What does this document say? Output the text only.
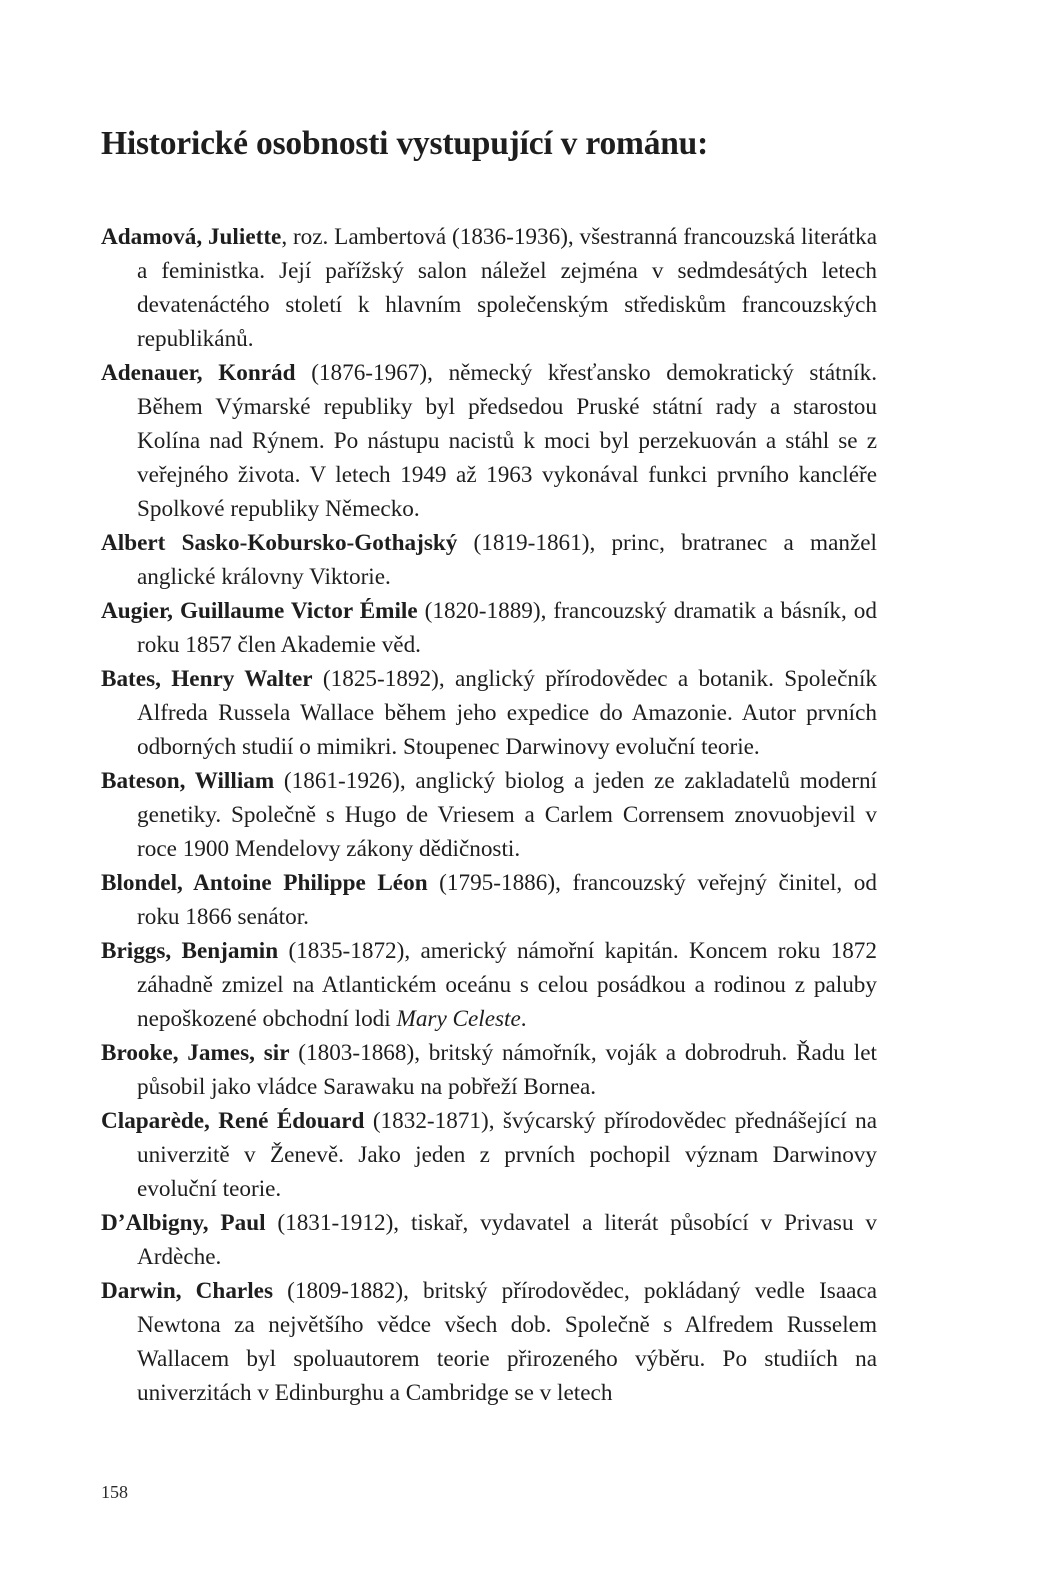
Historické osobnosti vystupující v románu:

Adamová, Juliette, roz. Lambertová (1836-1936), všestranná francouzská literátka a feministka. Její pařížský salon náležel zejména v sedmdesátých letech devatenáctého století k hlavním společenským střediskům francouzských republikánů.

Adenauer, Konrád (1876-1967), německý křesťansko demokratický státník. Během Výmarské republiky byl předsedou Pruské státní rady a starostou Kolína nad Rýnem. Po nástupu nacistů k moci byl perzekuován a stáhl se z veřejného života. V letech 1949 až 1963 vykonával funkci prvního kancléře Spolkové republiky Německo.

Albert Sasko-Kobursko-Gothajský (1819-1861), princ, bratranec a manžel anglické královny Viktorie.

Augier, Guillaume Victor Émile (1820-1889), francouzský dramatik a básník, od roku 1857 člen Akademie věd.

Bates, Henry Walter (1825-1892), anglický přírodovědec a botanik. Společník Alfreda Russela Wallace během jeho expedice do Amazonie. Autor prvních odborných studií o mimikri. Stoupenec Darwinovy evoluční teorie.

Bateson, William (1861-1926), anglický biolog a jeden ze zakladatelů moderní genetiky. Společně s Hugo de Vriesem a Carlem Corrensem znovuobjevil v roce 1900 Mendelovy zákony dědičnosti.

Blondel, Antoine Philippe Léon (1795-1886), francouzský veřejný činitel, od roku 1866 senátor.

Briggs, Benjamin (1835-1872), americký námořní kapitán. Koncem roku 1872 záhadně zmizel na Atlantickém oceánu s celou posádkou a rodinou z paluby nepoškozené obchodní lodi Mary Celeste.

Brooke, James, sir (1803-1868), britský námořník, voják a dobrodruh. Řadu let působil jako vládce Sarawaku na pobřeží Bornea.

Claparède, René Édouard (1832-1871), švýcarský přírodovědec přednášející na univerzitě v Ženevě. Jako jeden z prvních pochopil význam Darwinovy evoluční teorie.

D’Albigny, Paul (1831-1912), tiskař, vydavatel a literát působící v Privasu v Ardèche.

Darwin, Charles (1809-1882), britský přírodovědec, pokládaný vedle Isaaca Newtona za největšího vědce všech dob. Společně s Alfredem Russelem Wallacem byl spoluautorem teorie přirozeného výběru. Po studiích na univerzitách v Edinburghu a Cambridge se v letech

158
